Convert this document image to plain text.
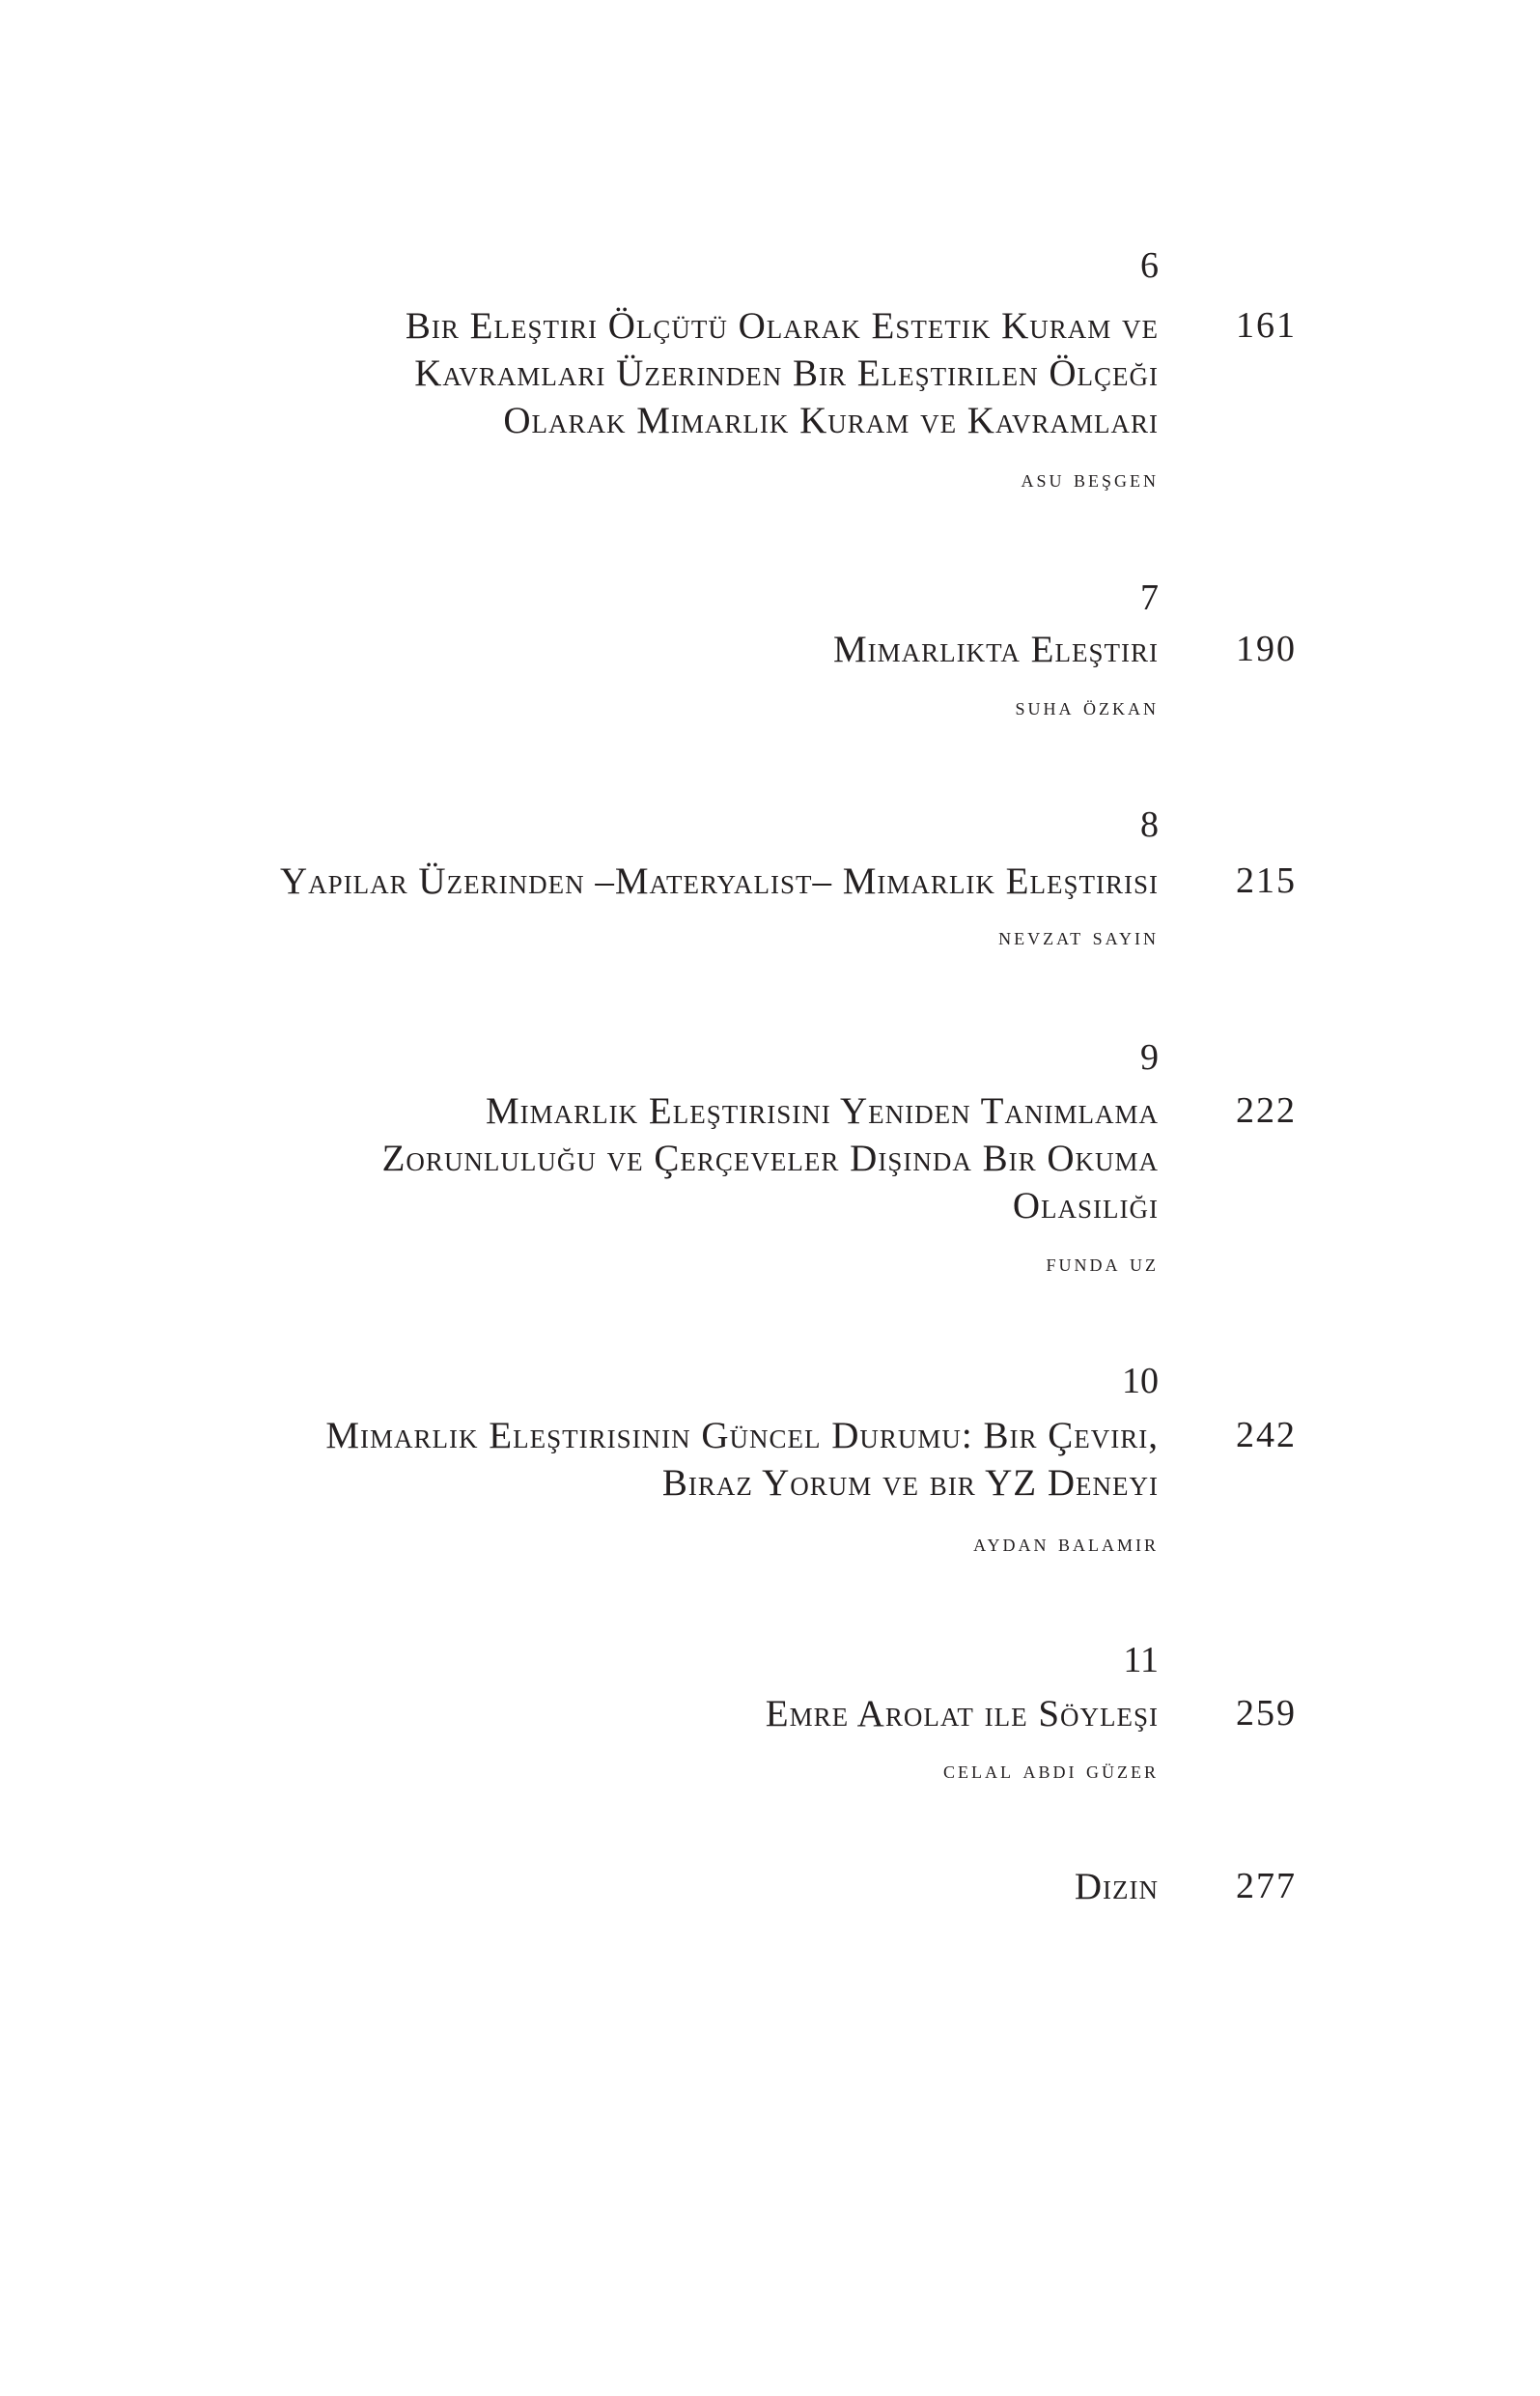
6
Bir Eleştiri Ölçütü Olarak Estetik Kuram ve
Kavramları Üzerinden Bir Eleştirilen Ölçeği
Olarak Mimarlık Kuram ve Kavramları
161
asu beşgen
7
Mimarlıkta Eleştiri 190
suha özkan
8
Yapılar Üzerinden –Materyalist– Mimarlık Eleştirisi 215
nevzat sayın
9
Mimarlık Eleştirisini Yeniden Tanımlama
Zorunluluğu ve Çerçeveler Dışında Bir Okuma
Olasılığı
222
funda uz
10
Mimarlık Eleştirisinin Güncel Durumu: Bir Çeviri,
Biraz Yorum ve bir YZ Deneyi
242
aydan balamir
11
Emre Arolat ile Söyleşi 259
celal abdi güzer
Dizin 277
